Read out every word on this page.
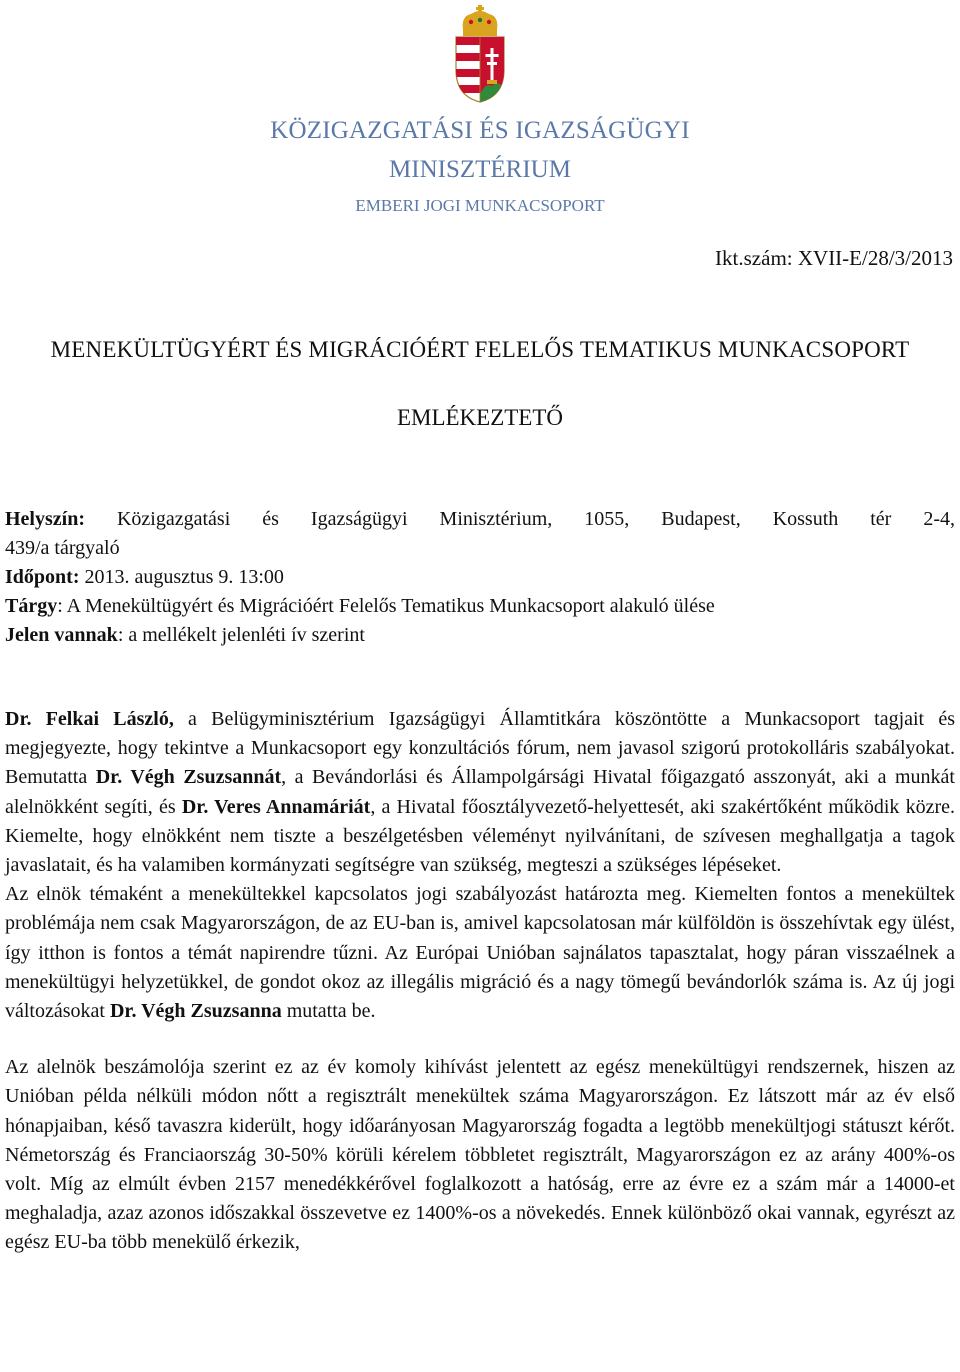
KÖZIGAZGATÁSI ÉS IGAZSÁGÜGYI
MINISZTÉRIUM
EMBERI JOGI MUNKACSOPORT
Ikt.szám: XVII-E/28/3/2013
MENEKÜLTÜGYÉRT ÉS MIGRÁCIÓÉRT FELELŐS TEMATIKUS MUNKACSOPORT
EMLÉKEZTETŐ

Helyszín: Közigazgatási és Igazságügyi Minisztérium, 1055, Budapest, Kossuth tér 2-4,

439/a tárgyaló

Időpont: 2013. augusztus 9. 13:00

Tárgy: A Menekültügyért és Migrációért Felelős Tematikus Munkacsoport alakuló ülése

Jelen vannak: a mellékelt jelenléti ív szerint

Dr. Felkai László, a Belügyminisztérium Igazságügyi Államtitkára köszöntötte a Munkacsoport tagjait és megjegyezte, hogy tekintve a Munkacsoport egy konzultációs fórum, nem javasol szigorú protokolláris szabályokat. Bemutatta Dr. Végh Zsuzsannát, a Bevándorlási és Állampolgársági Hivatal főigazgató asszonyát, aki a munkát alelnökként segíti, és Dr. Veres Annamáriát, a Hivatal főosztályvezető-helyettesét, aki szakértőként működik közre. Kiemelte, hogy elnökként nem tiszte a beszélgetésben véleményt nyilvánítani, de szívesen meghallgatja a tagok javaslatait, és ha valamiben kormányzati segítségre van szükség, megteszi a szükséges lépéseket.

Az elnök témaként a menekültekkel kapcsolatos jogi szabályozást határozta meg. Kiemelten fontos a menekültek problémája nem csak Magyarországon, de az EU-ban is, amivel kapcsolatosan már külföldön is összehívtak egy ülést, így itthon is fontos a témát napirendre tűzni. Az Európai Unióban sajnálatos tapasztalat, hogy páran visszaélnek a menekültügyi helyzetükkel, de gondot okoz az illegális migráció és a nagy tömegű bevándorlók száma is. Az új jogi változásokat Dr. Végh Zsuzsanna mutatta be.

Az alelnök beszámolója szerint ez az év komoly kihívást jelentett az egész menekültügyi rendszernek, hiszen az Unióban példa nélküli módon nőtt a regisztrált menekültek száma Magyarországon. Ez látszott már az év első hónapjaiban, késő tavaszra kiderült, hogy időarányosan Magyarország fogadta a legtöbb menekültjogi státuszt kérőt. Németország és Franciaország 30-50% körüli kérelem többletet regisztrált, Magyarországon ez az arány 400%-os volt. Míg az elmúlt évben 2157 menedékkérővel foglalkozott a hatóság, erre az évre ez a szám már a 14000-et meghaladja, azaz azonos időszakkal összevetve ez 1400%-os a növekedés. Ennek különböző okai vannak, egyrészt az egész EU-ba több menekülő érkezik,
